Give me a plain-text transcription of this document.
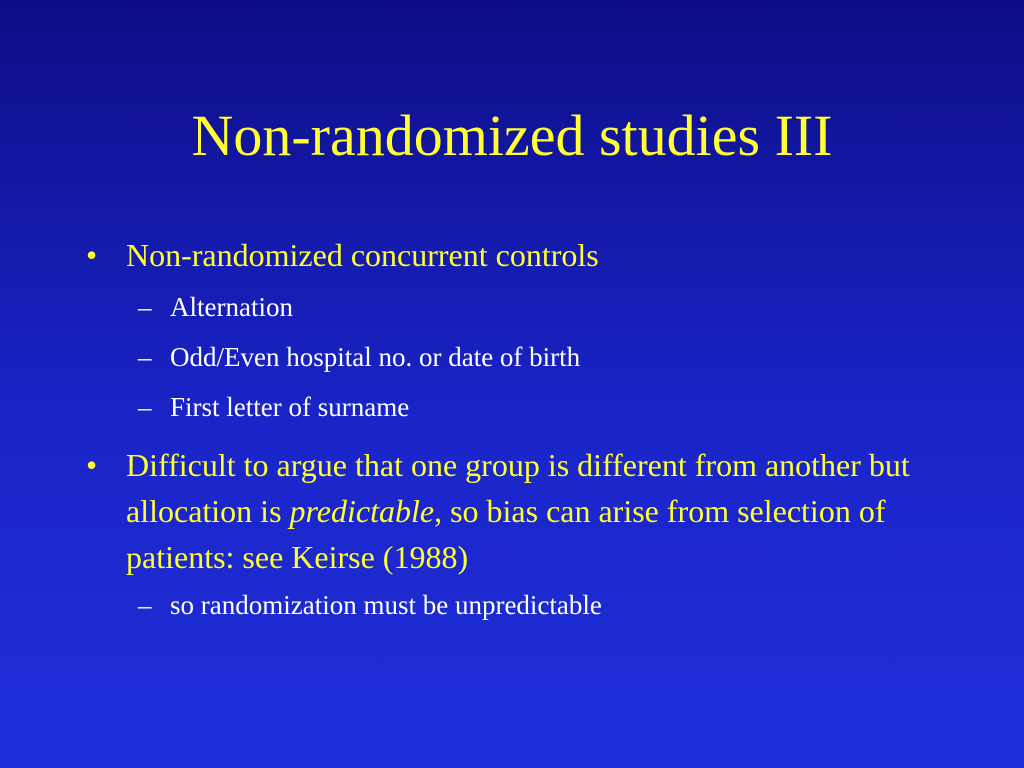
Non-randomized studies III
• Non-randomized concurrent controls
– Alternation
– Odd/Even hospital no. or date of birth
– First letter of surname
• Difficult to argue that one group is different from another but allocation is predictable, so bias can arise from selection of patients: see Keirse (1988)
– so randomization must be unpredictable
